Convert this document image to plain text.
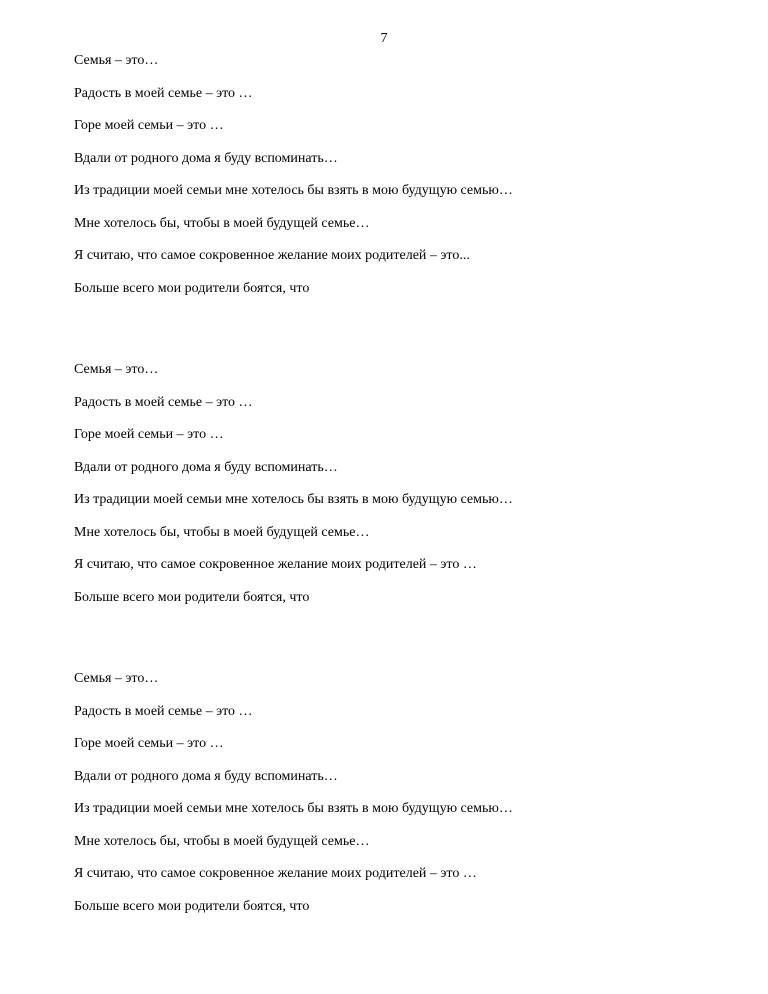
7
Семья – это…
Радость в моей семье – это …
Горе моей семьи – это …
Вдали от родного дома я буду вспоминать…
Из традиции моей семьи мне хотелось бы взять в мою будущую семью…
Мне хотелось бы, чтобы в моей будущей семье…
Я считаю, что самое сокровенное желание моих родителей – это...
Больше всего мои родители боятся, что
Семья – это…
Радость в моей семье – это …
Горе моей семьи – это …
Вдали от родного дома я буду вспоминать…
Из традиции моей семьи мне хотелось бы взять в мою будущую семью…
Мне хотелось бы, чтобы в моей будущей семье…
Я считаю, что самое сокровенное желание моих родителей – это …
Больше всего мои родители боятся, что
Семья – это…
Радость в моей семье – это …
Горе моей семьи – это …
Вдали от родного дома я буду вспоминать…
Из традиции моей семьи мне хотелось бы взять в мою будущую семью…
Мне хотелось бы, чтобы в моей будущей семье…
Я считаю, что самое сокровенное желание моих родителей – это …
Больше всего мои родители боятся, что
